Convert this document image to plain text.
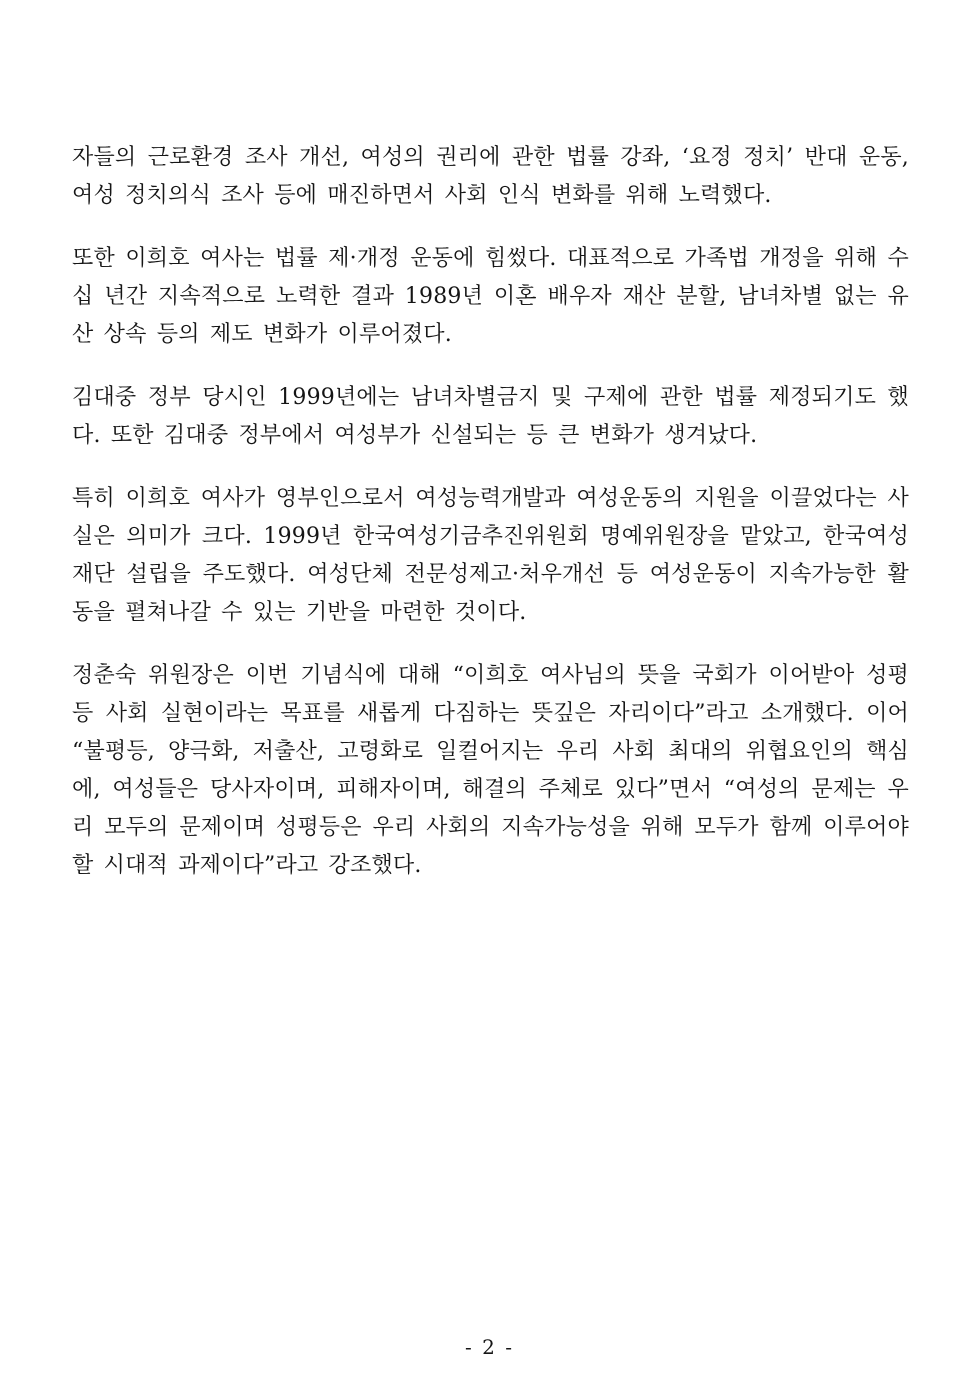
자들의 근로환경 조사 개선, 여성의 권리에 관한 법률 강좌, ‘요정 정치’ 반대 운동, 여성 정치의식 조사 등에 매진하면서 사회 인식 변화를 위해 노력했다.

또한 이희호 여사는 법률 제·개정 운동에 힘썼다. 대표적으로 가족법 개정을 위해 수십 년간 지속적으로 노력한 결과 1989년 이혼 배우자 재산 분할, 남녀차별 없는 유산 상속 등의 제도 변화가 이루어졌다.

김대중 정부 당시인 1999년에는 남녀차별금지 및 구제에 관한 법률 제정되기도 했다. 또한 김대중 정부에서 여성부가 신설되는 등 큰 변화가 생겨났다.

특히 이희호 여사가 영부인으로서 여성능력개발과 여성운동의 지원을 이끌었다는 사실은 의미가 크다. 1999년 한국여성기금추진위원회 명예위원장을 맡았고, 한국여성재단 설립을 주도했다. 여성단체 전문성제고·처우개선 등 여성운동이 지속가능한 활동을 펼쳐나갈 수 있는 기반을 마련한 것이다.

정춘숙 위원장은 이번 기념식에 대해 “이희호 여사님의 뜻을 국회가 이어받아 성평등 사회 실현이라는 목표를 새롭게 다짐하는 뜻깊은 자리이다”라고 소개했다. 이어 “불평등, 양극화, 저출산, 고령화로 일컬어지는 우리 사회 최대의 위협요인의 핵심에, 여성들은 당사자이며, 피해자이며, 해결의 주체로 있다”면서 “여성의 문제는 우리 모두의 문제이며 성평등은 우리 사회의 지속가능성을 위해 모두가 함께 이루어야 할 시대적 과제이다”라고 강조했다.

- 2 -
